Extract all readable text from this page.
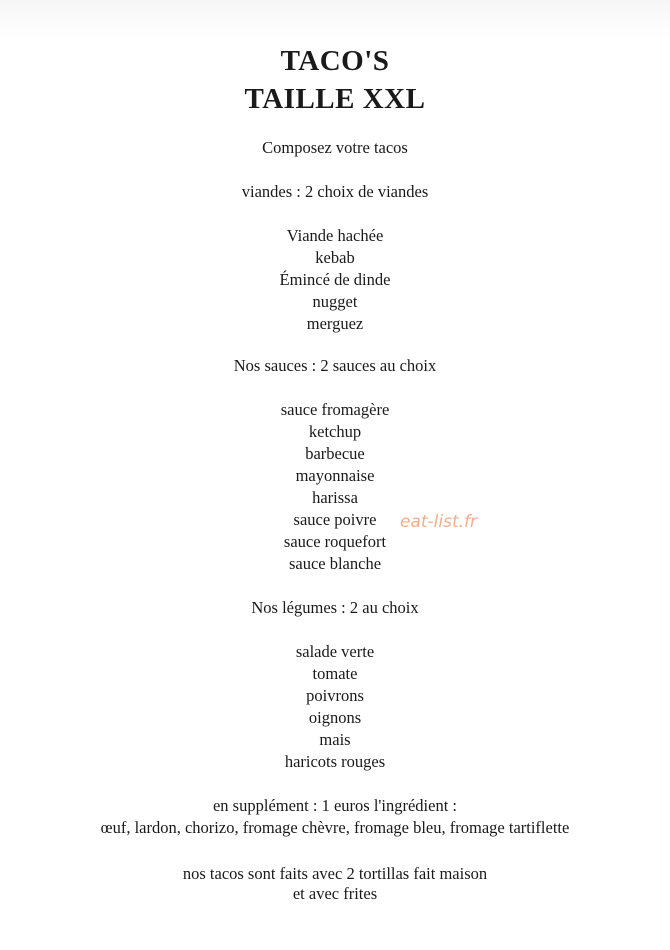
TACO'S
TAILLE XXL
Composez votre tacos
viandes : 2 choix de viandes
Viande hachée
kebab
Émincé de dinde
nugget
merguez
Nos sauces : 2 sauces au choix
sauce fromagère
ketchup
barbecue
mayonnaise
harissa
sauce poivre
sauce roquefort
sauce blanche
Nos légumes : 2 au choix
salade verte
tomate
poivrons
oignons
mais
haricots rouges
en supplément : 1 euros l'ingrédient :
œuf, lardon, chorizo, fromage chèvre, fromage bleu, fromage tartiflette
nos tacos sont faits avec 2 tortillas fait maison
et avec frites
eat-list.fr
